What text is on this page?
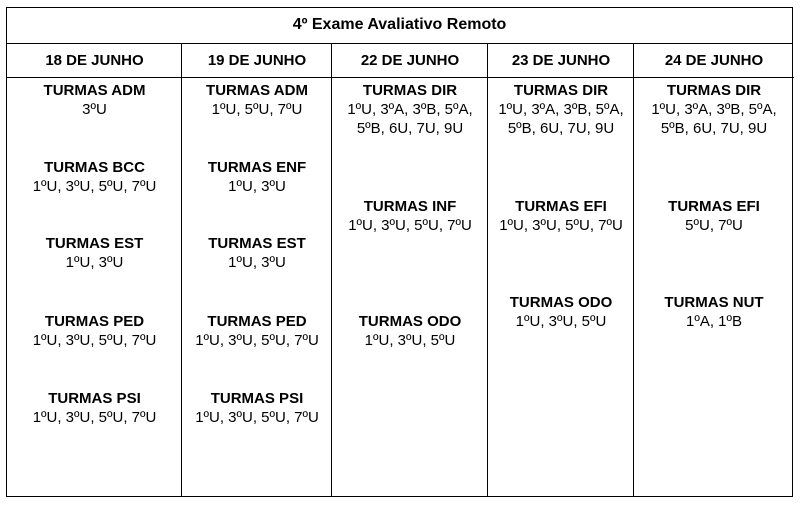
4º Exame Avaliativo Remoto
18 DE JUNHO
TURMAS ADM
3ºU
TURMAS BCC
1ºU, 3ºU, 5ºU, 7ºU
TURMAS EST
1ºU, 3ºU
TURMAS PED
1ºU, 3ºU, 5ºU, 7ºU
TURMAS PSI
1ºU, 3ºU, 5ºU, 7ºU
19 DE JUNHO
TURMAS ADM
1ºU, 5ºU, 7ºU
TURMAS ENF
1ºU, 3ºU
TURMAS EST
1ºU, 3ºU
TURMAS PED
1ºU, 3ºU, 5ºU, 7ºU
TURMAS PSI
1ºU, 3ºU, 5ºU, 7ºU
22 DE JUNHO
TURMAS DIR
1ºU, 3ºA, 3ºB, 5ºA,
5ºB, 6U, 7U, 9U
TURMAS INF
1ºU, 3ºU, 5ºU, 7ºU
TURMAS ODO
1ºU, 3ºU, 5ºU
23 DE JUNHO
TURMAS DIR
1ºU, 3ºA, 3ºB, 5ºA,
5ºB, 6U, 7U, 9U
TURMAS EFI
1ºU, 3ºU, 5ºU, 7ºU
TURMAS ODO
1ºU, 3ºU, 5ºU
24 DE JUNHO
TURMAS DIR
1ºU, 3ºA, 3ºB, 5ºA,
5ºB, 6U, 7U, 9U
TURMAS EFI
5ºU, 7ºU
TURMAS NUT
1ºA, 1ºB
